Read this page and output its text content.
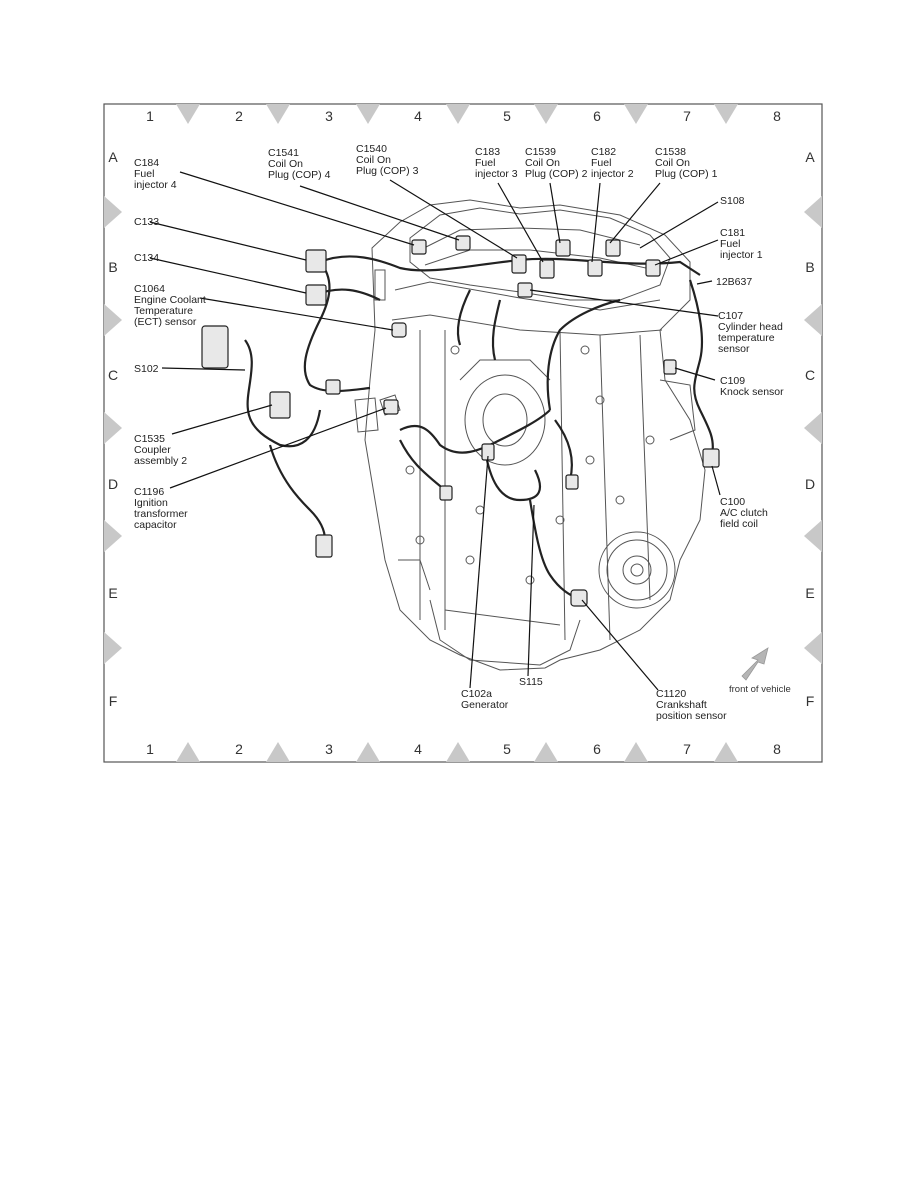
1	2	3	4	5	6	7	8
1	2	3	4	5	6	7	8
A
B
C
D
E
F
A
B
C
D
E
F
C184 Fuel injector 4
C1541 Coil On Plug (COP) 4
C1540 Coil On Plug (COP) 3
C183 Fuel injector 3
C1539 Coil On Plug (COP) 2
C182 Fuel injector 2
C1538 Coil On Plug (COP) 1
S108
C181 Fuel injector 1
12B637
C133
C134
C1064 Engine Coolant Temperature (ECT) sensor	C107 Cylinder head temperature sensor
S102
C109 Knock sensor
C1535 Coupler assembly 2
C1196 Ignition transformer capacitor
C100 A/C clutch field coil
C102a Generator
S115
C1120 Crankshaft position sensor
front of vehicle
